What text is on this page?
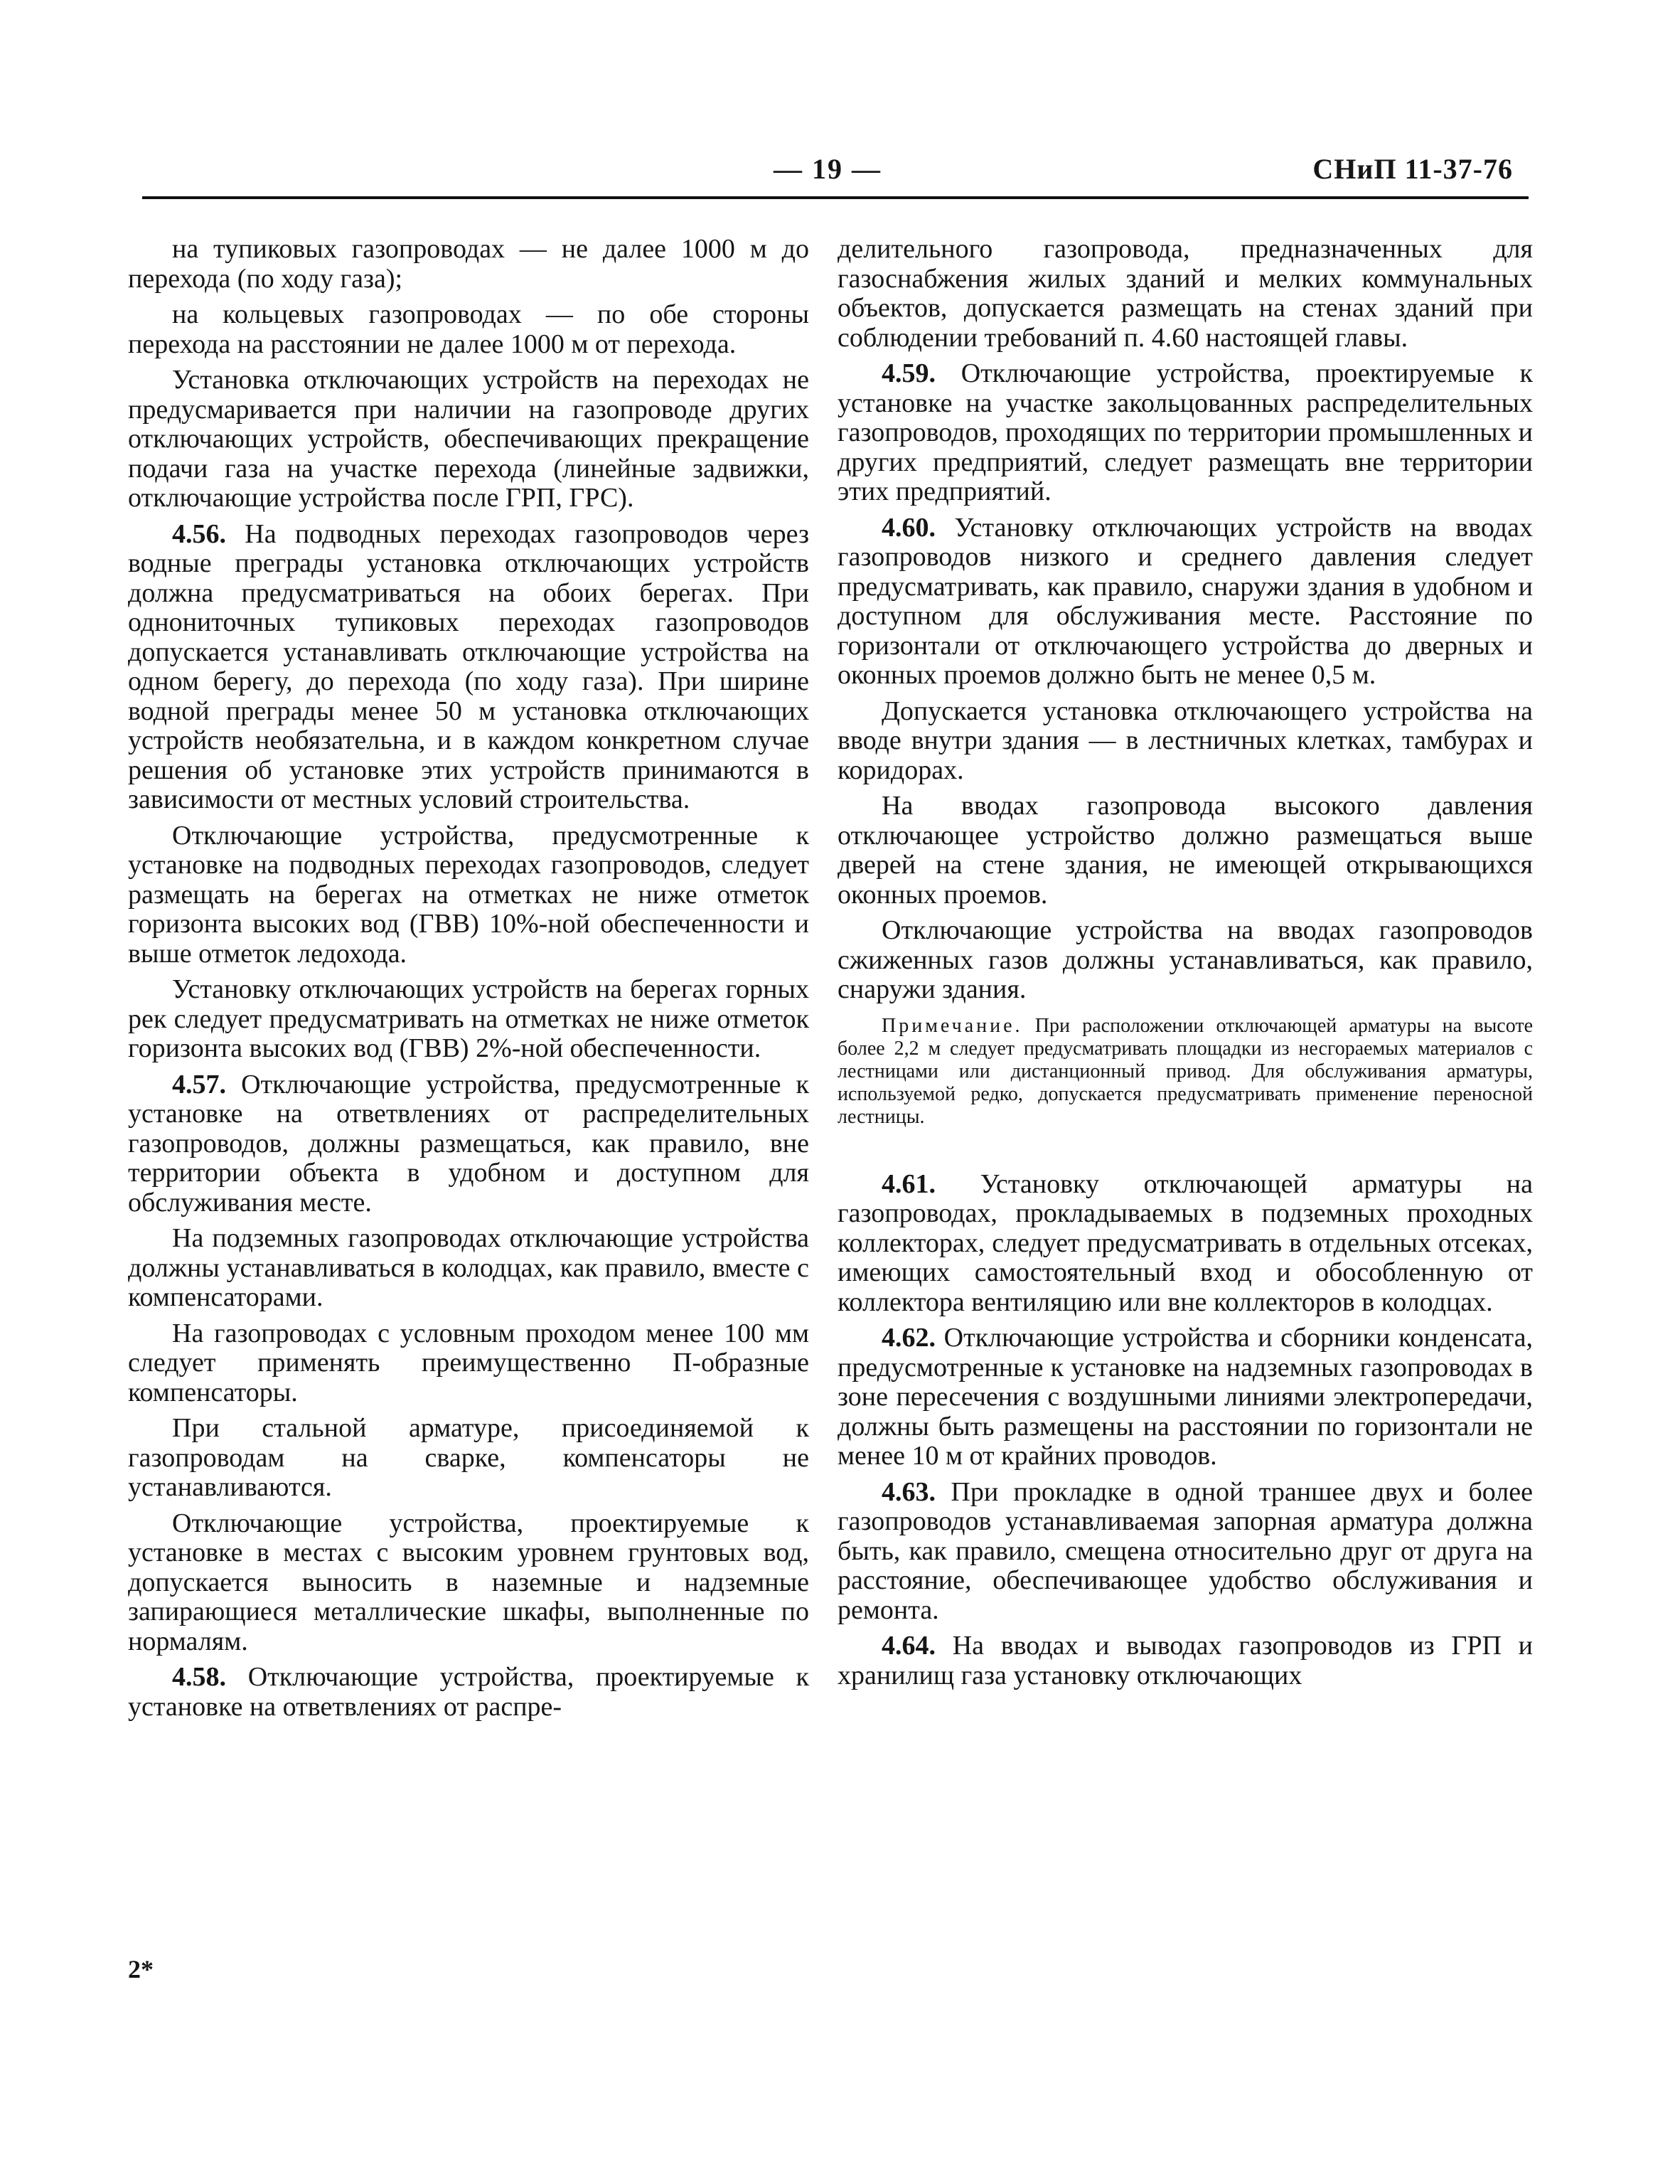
— 19 —	СНиП 11-37-76

на тупиковых газопроводах — не далее 1000 м до перехода (по ходу газа);

на кольцевых газопроводах — по обе стороны перехода на расстоянии не далее 1000 м от перехода.

Установка отключающих устройств на переходах не предусмаривается при наличии на газопроводе других отключающих устройств, обеспечивающих прекращение подачи газа на участке перехода (линейные задвижки, отключающие устройства после ГРП, ГРС).

4.56. На подводных переходах газопроводов через водные преграды установка отключающих устройств должна предусматриваться на обоих берегах. При однониточных тупиковых переходах газопроводов допускается устанавливать отключающие устройства на одном берегу, до перехода (по ходу газа). При ширине водной преграды менее 50 м установка отключающих устройств необязательна, и в каждом конкретном случае решения об установке этих устройств принимаются в зависимости от местных условий строительства.

Отключающие устройства, предусмотренные к установке на подводных переходах газопроводов, следует размещать на берегах на отметках не ниже отметок горизонта высоких вод (ГВВ) 10%-ной обеспеченности и выше отметок ледохода.

Установку отключающих устройств на берегах горных рек следует предусматривать на отметках не ниже отметок горизонта высоких вод (ГВВ) 2%-ной обеспеченности.

4.57. Отключающие устройства, предусмотренные к установке на ответвлениях от распределительных газопроводов, должны размещаться, как правило, вне территории объекта в удобном и доступном для обслуживания месте.

На подземных газопроводах отключающие устройства должны устанавливаться в колодцах, как правило, вместе с компенсаторами.

На газопроводах с условным проходом менее 100 мм следует применять преимущественно П-образные компенсаторы.

При стальной арматуре, присоединяемой к газопроводам на сварке, компенсаторы не устанавливаются.

Отключающие устройства, проектируемые к установке в местах с высоким уровнем грунтовых вод, допускается выносить в наземные и надземные запирающиеся металлические шкафы, выполненные по нормалям.

4.58. Отключающие устройства, проектируемые к установке на ответвлениях от распре-

2*

делительного газопровода, предназначенных для газоснабжения жилых зданий и мелких коммунальных объектов, допускается размещать на стенах зданий при соблюдении требований п. 4.60 настоящей главы.

4.59. Отключающие устройства, проектируемые к установке на участке закольцованных распределительных газопроводов, проходящих по территории промышленных и других предприятий, следует размещать вне территории этих предприятий.

4.60. Установку отключающих устройств на вводах газопроводов низкого и среднего давления следует предусматривать, как правило, снаружи здания в удобном и доступном для обслуживания месте. Расстояние по горизонтали от отключающего устройства до дверных и оконных проемов должно быть не менее 0,5 м.

Допускается установка отключающего устройства на вводе внутри здания — в лестничных клетках, тамбурах и коридорах.

На вводах газопровода высокого давления отключающее устройство должно размещаться выше дверей на стене здания, не имеющей открывающихся оконных проемов.

Отключающие устройства на вводах газопроводов сжиженных газов должны устанавливаться, как правило, снаружи здания.

Примечание. При расположении отключающей арматуры на высоте более 2,2 м следует предусматривать площадки из несгораемых материалов с лестницами или дистанционный привод. Для обслуживания арматуры, используемой редко, допускается предусматривать применение переносной лестницы.

4.61. Установку отключающей арматуры на газопроводах, прокладываемых в подземных проходных коллекторах, следует предусматривать в отдельных отсеках, имеющих самостоятельный вход и обособленную от коллектора вентиляцию или вне коллекторов в колодцах.

4.62. Отключающие устройства и сборники конденсата, предусмотренные к установке на надземных газопроводах в зоне пересечения с воздушными линиями электропередачи, должны быть размещены на расстоянии по горизонтали не менее 10 м от крайних проводов.

4.63. При прокладке в одной траншее двух и более газопроводов устанавливаемая запорная арматура должна быть, как правило, смещена относительно друг от друга на расстояние, обеспечивающее удобство обслуживания и ремонта.

4.64. На вводах и выводах газопроводов из ГРП и хранилищ газа установку отключающих
